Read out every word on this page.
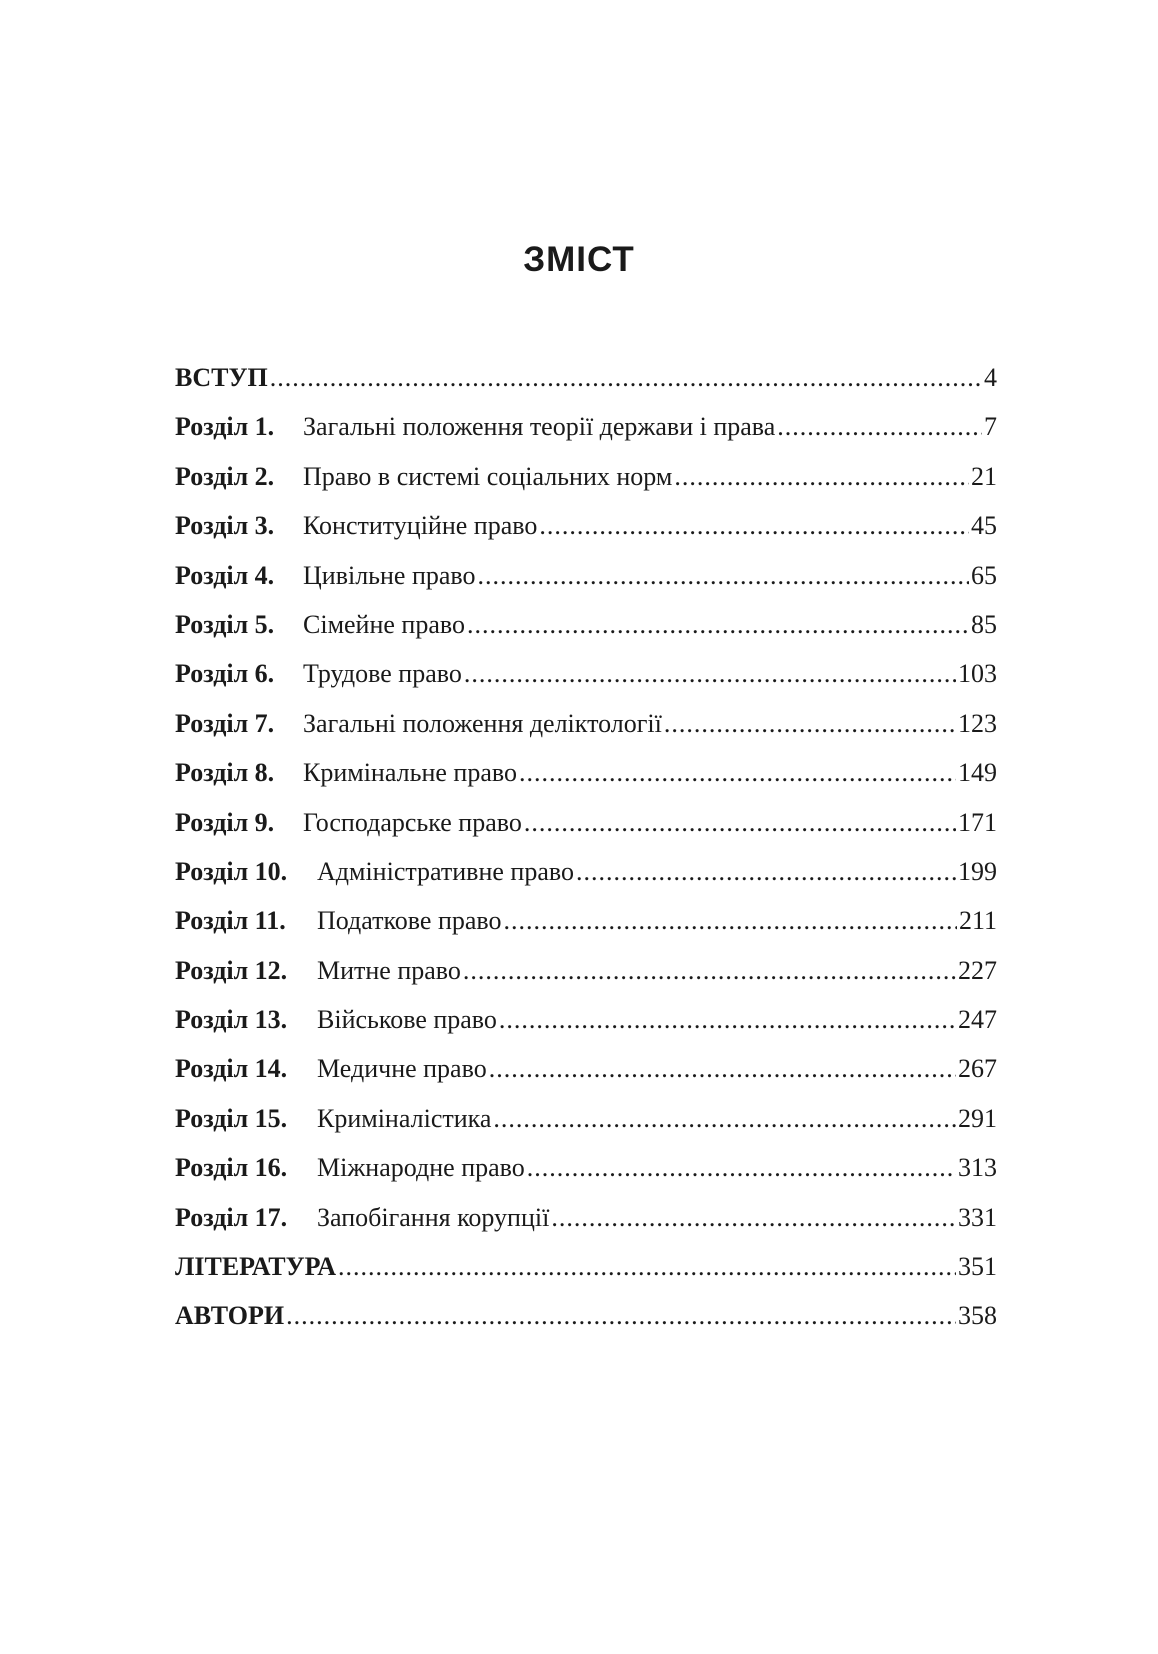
ЗМІСТ
ВСТУП .....	4
Розділ 1.	Загальні положення теорії держави і права .....	7
Розділ 2.	Право в системі соціальних норм .....	21
Розділ 3.	Конституційне право .....	45
Розділ 4.	Цивільне право .....	65
Розділ 5.	Сімейне право .....	85
Розділ 6.	Трудове право .....	103
Розділ 7.	Загальні положення деліктології .....	123
Розділ 8.	Кримінальне право .....	149
Розділ 9.	Господарське право .....	171
Розділ 10.	Адміністративне право .....	199
Розділ 11.	Податкове право .....	211
Розділ 12.	Митне право .....	227
Розділ 13.	Військове право .....	247
Розділ 14.	Медичне право .....	267
Розділ 15.	Криміналістика .....	291
Розділ 16.	Міжнародне право .....	313
Розділ 17.	Запобігання корупції .....	331
ЛІТЕРАТУРА .....	351
АВТОРИ .....	358
